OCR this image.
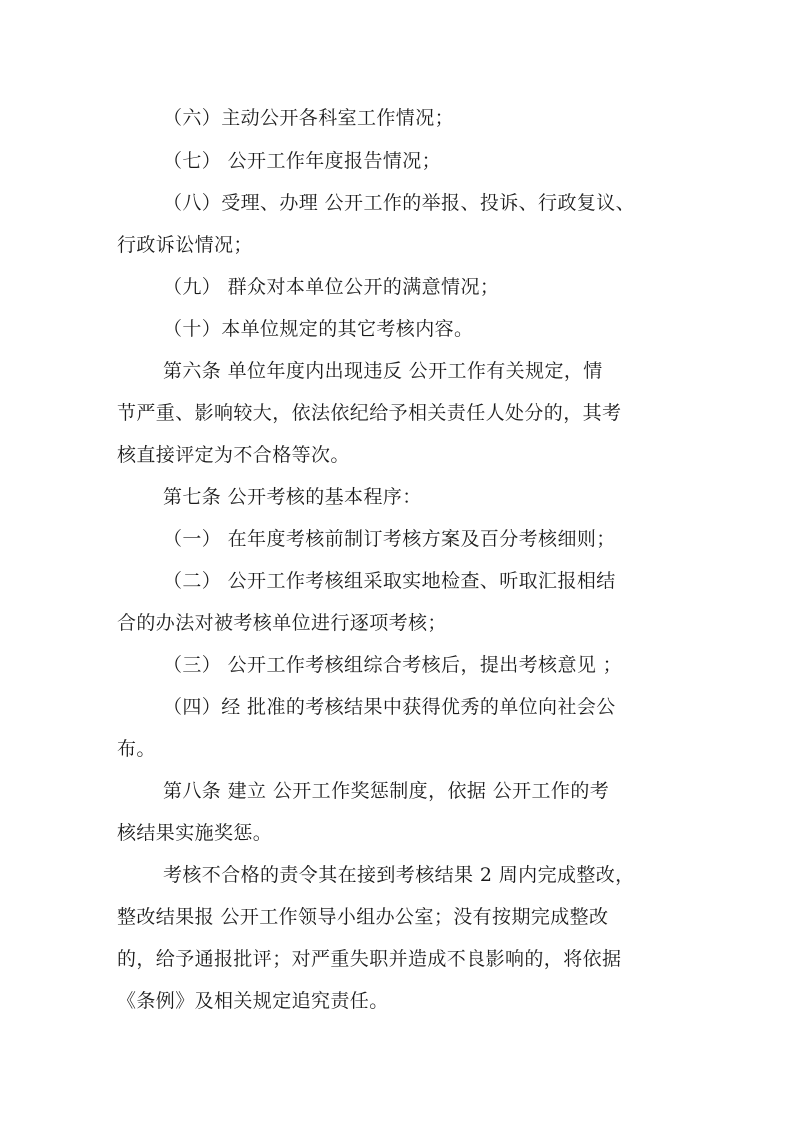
（六）主动公开各科室工作情况；
（七） 公开工作年度报告情况；
（八）受理、办理 公开工作的举报、投诉、行政复议、
行政诉讼情况；
（九） 群众对本单位公开的满意情况；
（十）本单位规定的其它考核内容。
第六条 单位年度内出现违反 公开工作有关规定，情
节严重、影响较大，依法依纪给予相关责任人处分的，其考
核直接评定为不合格等次。
第七条 公开考核的基本程序：
（一） 在年度考核前制订考核方案及百分考核细则；
（二） 公开工作考核组采取实地检查、听取汇报相结
合的办法对被考核单位进行逐项考核；
（三） 公开工作考核组综合考核后，提出考核意见 ；
（四）经 批准的考核结果中获得优秀的单位向社会公
布。
第八条 建立 公开工作奖惩制度，依据 公开工作的考
核结果实施奖惩。
考核不合格的责令其在接到考核结果 2 周内完成整改，
整改结果报 公开工作领导小组办公室；没有按期完成整改
的，给予通报批评；对严重失职并造成不良影响的，将依据
《条例》及相关规定追究责任。
